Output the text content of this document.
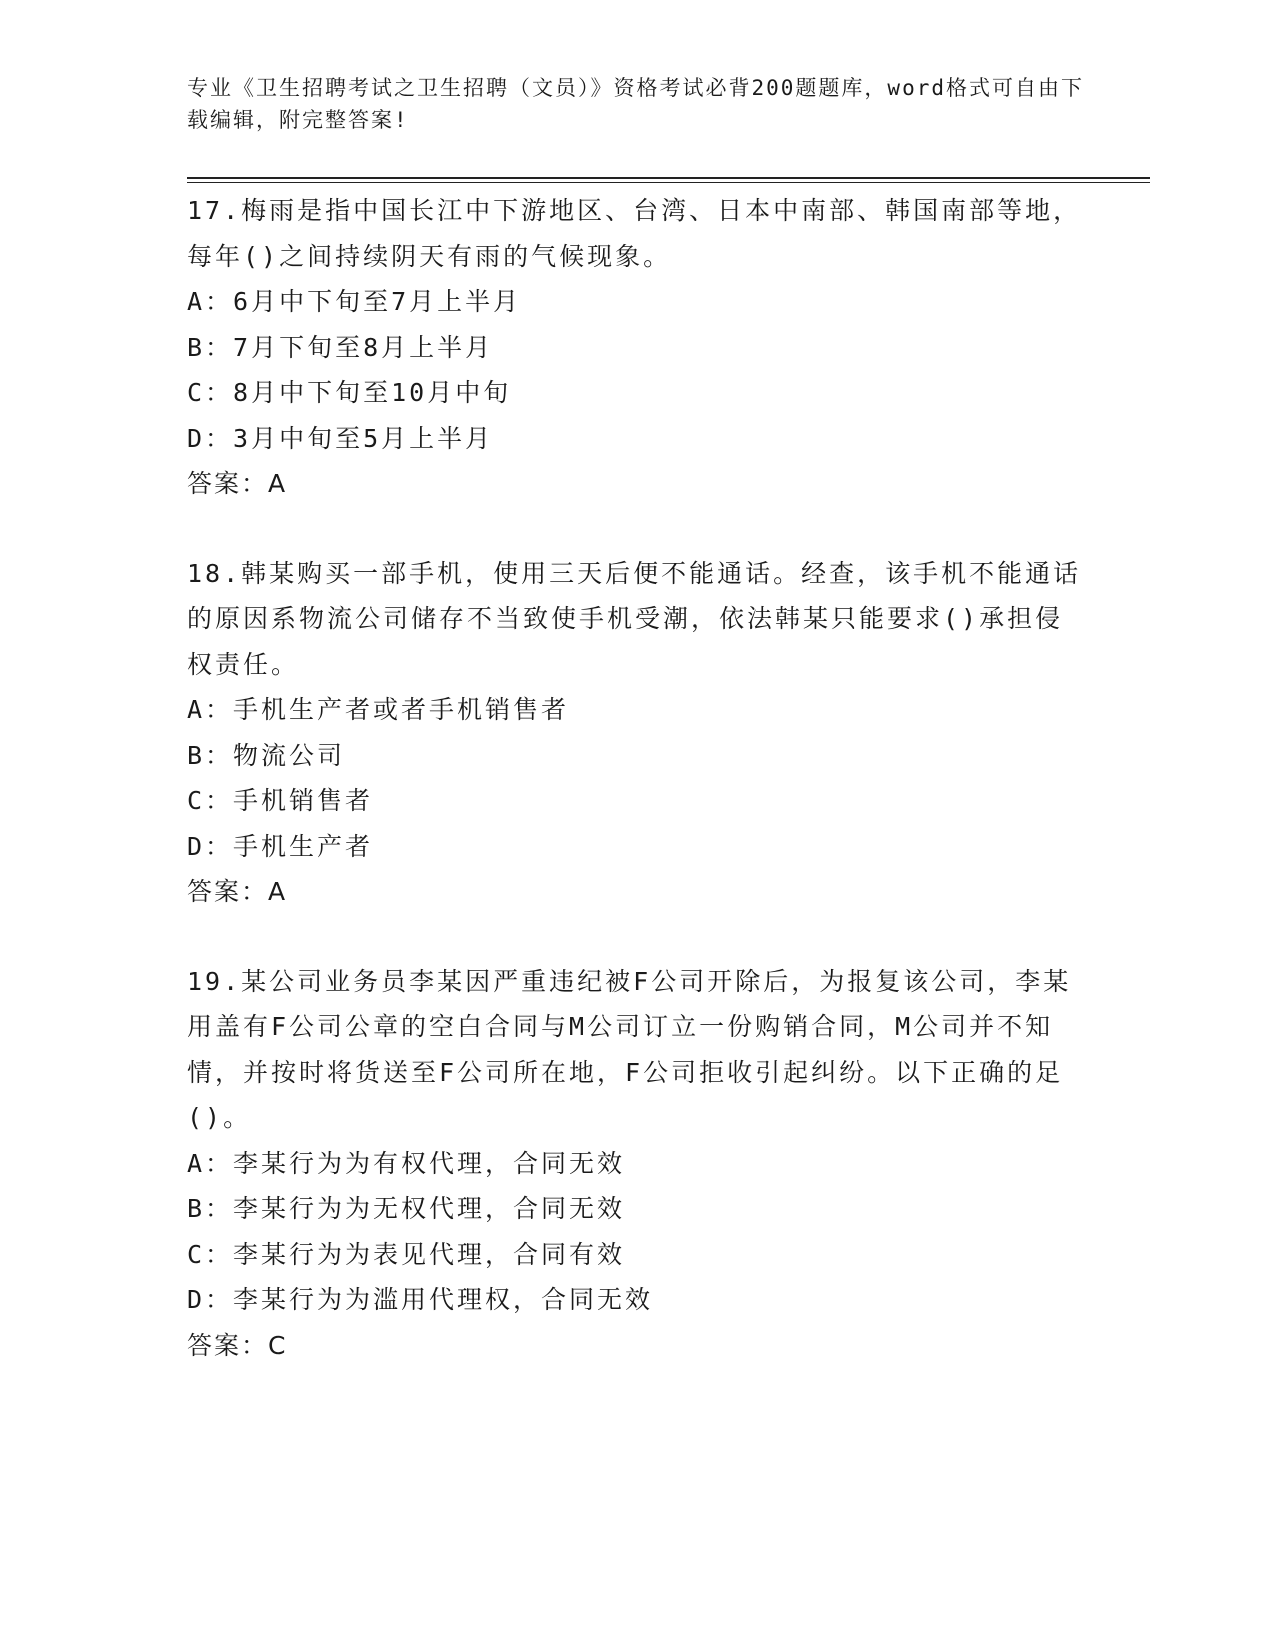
专业《卫生招聘考试之卫生招聘（文员）》资格考试必背200题题库，word格式可自由下载编辑，附完整答案!
17.梅雨是指中国长江中下游地区、台湾、日本中南部、韩国南部等地，每年()之间持续阴天有雨的气候现象。
A：6月中下旬至7月上半月
B：7月下旬至8月上半月
C：8月中下旬至10月中旬
D：3月中旬至5月上半月
答案：A
18.韩某购买一部手机，使用三天后便不能通话。经查，该手机不能通话的原因系物流公司储存不当致使手机受潮，依法韩某只能要求()承担侵权责任。
A：手机生产者或者手机销售者
B：物流公司
C：手机销售者
D：手机生产者
答案：A
19.某公司业务员李某因严重违纪被F公司开除后，为报复该公司，李某用盖有F公司公章的空白合同与M公司订立一份购销合同，M公司并不知情，并按时将货送至F公司所在地，F公司拒收引起纠纷。以下正确的足()。
A：李某行为为有权代理，合同无效
B：李某行为为无权代理，合同无效
C：李某行为为表见代理，合同有效
D：李某行为为滥用代理权，合同无效
答案：C
